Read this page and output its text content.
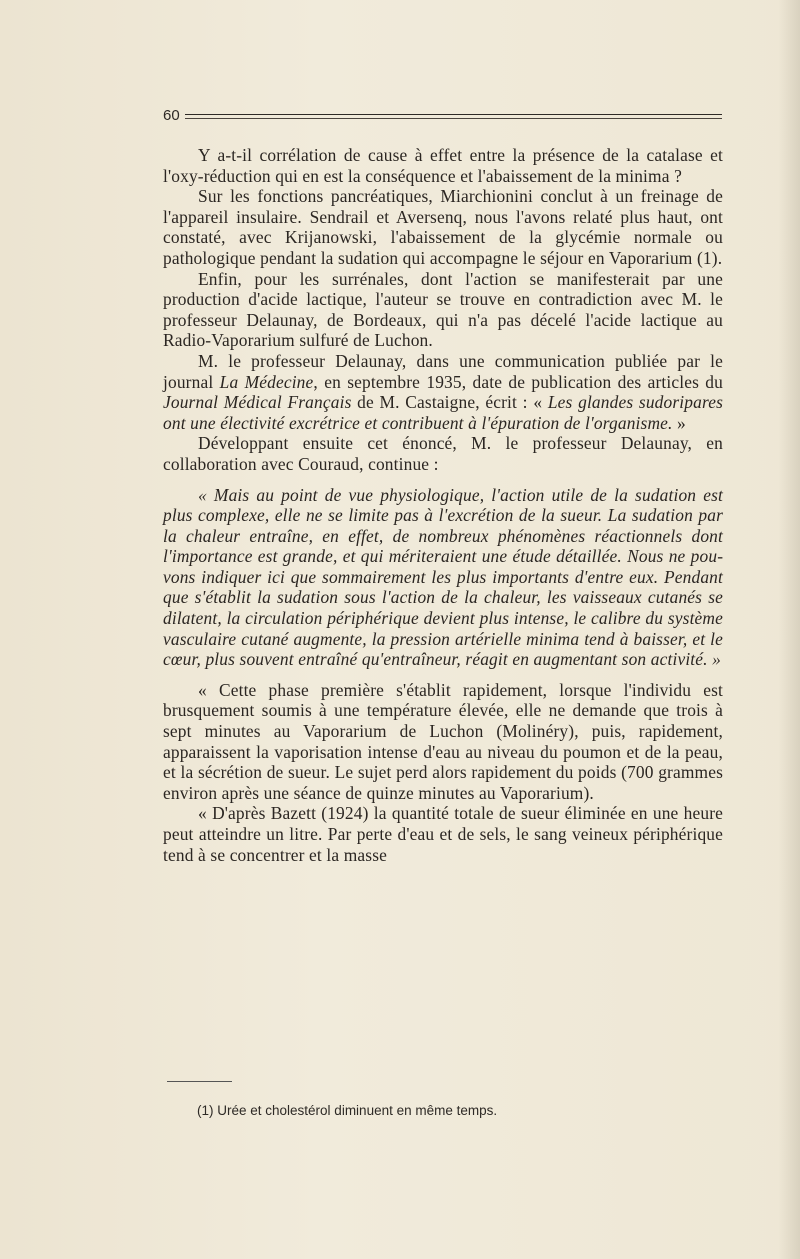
60

Y a-t-il corrélation de cause à effet entre la présence de la catalase et l'oxy-réduction qui en est la conséquence et l'abaissement de la minima ?

Sur les fonctions pancréatiques, Miarchionini conclut à un freinage de l'appareil insulaire. Sendrail et Aversenq, nous l'avons relaté plus haut, ont constaté, avec Krijanowski, l'abaissement de la glycémie normale ou pathologique pendant la sudation qui accompagne le séjour en Vaporarium (1).

Enfin, pour les surrénales, dont l'action se manifesterait par une production d'acide lactique, l'auteur se trouve en contradiction avec M. le professeur Delaunay, de Bordeaux, qui n'a pas décelé l'acide lactique au Radio-Vaporarium sulfuré de Luchon.

M. le professeur Delaunay, dans une communication publiée par le journal La Médecine, en septembre 1935, date de publication des articles du Journal Médical Français de M. Castaigne, écrit : « Les glandes sudoripares ont une électivité excrétrice et contribuent à l'épuration de l'organisme. »

Développant ensuite cet énoncé, M. le professeur Delaunay, en collaboration avec Couraud, continue :

« Mais au point de vue physiologique, l'action utile de la sudation est plus complexe, elle ne se limite pas à l'excrétion de la sueur. La sudation par la chaleur entraîne, en effet, de nombreux phénomènes réactionnels dont l'importance est grande, et qui mériteraient une étude détaillée. Nous ne pouvons indiquer ici que sommairement les plus importants d'entre eux. Pendant que s'établit la sudation sous l'action de la chaleur, les vaisseaux cutanés se dilatent, la circulation périphérique devient plus intense, le calibre du système vasculaire cutané augmente, la pression artérielle minima tend à baisser, et le cœur, plus souvent entraîné qu'entraîneur, réagit en augmentant son activité. »

« Cette phase première s'établit rapidement, lorsque l'individu est brusquement soumis à une température élevée, elle ne demande que trois à sept minutes au Vaporarium de Luchon (Molinéry), puis, rapidement, apparaissent la vaporisation intense d'eau au niveau du poumon et de la peau, et la sécrétion de sueur. Le sujet perd alors rapidement du poids (700 grammes environ après une séance de quinze minutes au Vaporarium).

« D'après Bazett (1924) la quantité totale de sueur éliminée en une heure peut atteindre un litre. Par perte d'eau et de sels, le sang veineux périphérique tend à se concentrer et la masse

(1) Urée et cholestérol diminuent en même temps.
